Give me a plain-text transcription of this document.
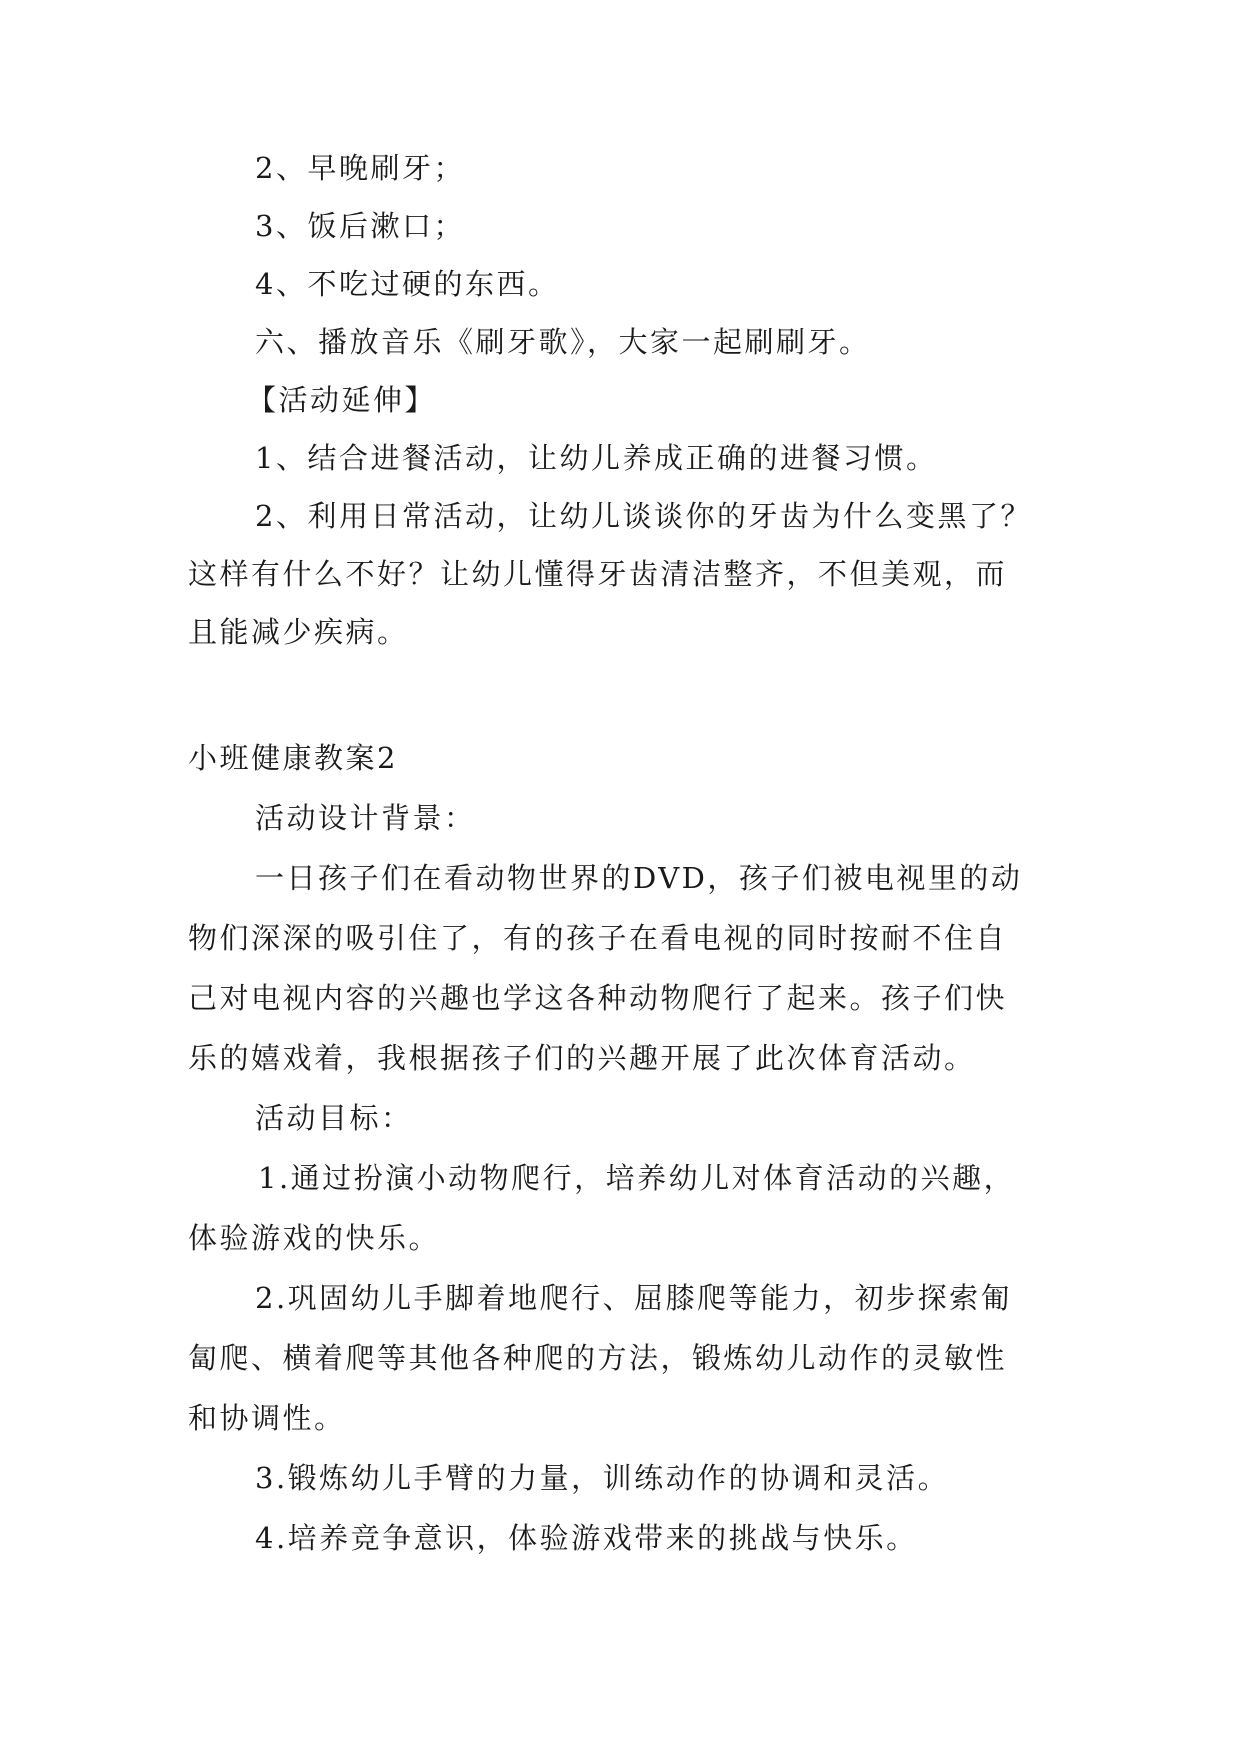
2、早晚刷牙；
3、饭后漱口；
4、不吃过硬的东西。
六、播放音乐《刷牙歌》，大家一起刷刷牙。
【活动延伸】
1、结合进餐活动，让幼儿养成正确的进餐习惯。
2、利用日常活动，让幼儿谈谈你的牙齿为什么变黑了？
这样有什么不好？让幼儿懂得牙齿清洁整齐，不但美观，而
且能减少疾病。
小班健康教案2
活动设计背景：
一日孩子们在看动物世界的DVD，孩子们被电视里的动
物们深深的吸引住了，有的孩子在看电视的同时按耐不住自
己对电视内容的兴趣也学这各种动物爬行了起来。孩子们快
乐的嬉戏着，我根据孩子们的兴趣开展了此次体育活动。
活动目标：
1.通过扮演小动物爬行，培养幼儿对体育活动的兴趣，
体验游戏的快乐。
2.巩固幼儿手脚着地爬行、屈膝爬等能力，初步探索匍
匐爬、横着爬等其他各种爬的方法，锻炼幼儿动作的灵敏性
和协调性。
3.锻炼幼儿手臂的力量，训练动作的协调和灵活。
4.培养竞争意识，体验游戏带来的挑战与快乐。
